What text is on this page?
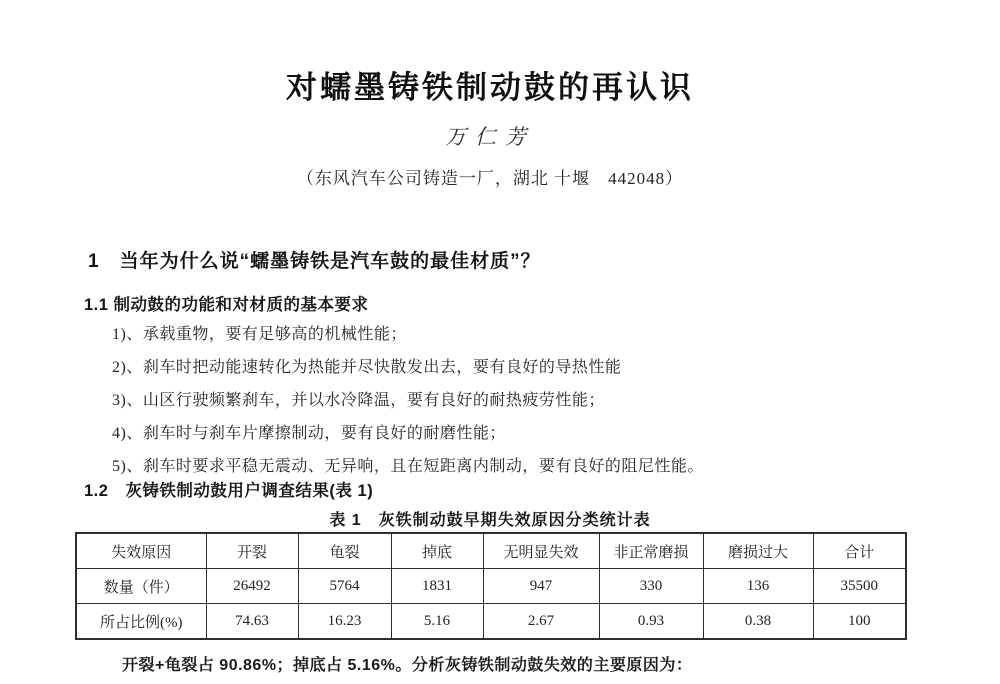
对蠕墨铸铁制动鼓的再认识
万仁芳
（东风汽车公司铸造一厂，湖北 十堰　442048）
1　当年为什么说“蠕墨铸铁是汽车鼓的最佳材质”？
1.1 制动鼓的功能和对材质的基本要求
1)、承载重物，要有足够高的机械性能；
2)、刹车时把动能速转化为热能并尽快散发出去，要有良好的导热性能
3)、山区行驶频繁刹车，并以水冷降温，要有良好的耐热疲劳性能；
4)、刹车时与刹车片摩擦制动，要有良好的耐磨性能；
5)、刹车时要求平稳无震动、无异响，且在短距离内制动，要有良好的阻尼性能。
1.2　灰铸铁制动鼓用户调查结果(表 1)
表 1　灰铁制动鼓早期失效原因分类统计表
失效原因	开裂	龟裂	掉底	无明显失效	非正常磨损	磨损过大	合计
数量（件）	26492	5764	1831	947	330	136	35500
所占比例(%)	74.63	16.23	5.16	2.67	0.93	0.38	100
开裂+龟裂占 90.86%；掉底占 5.16%。分析灰铸铁制动鼓失效的主要原因为：
